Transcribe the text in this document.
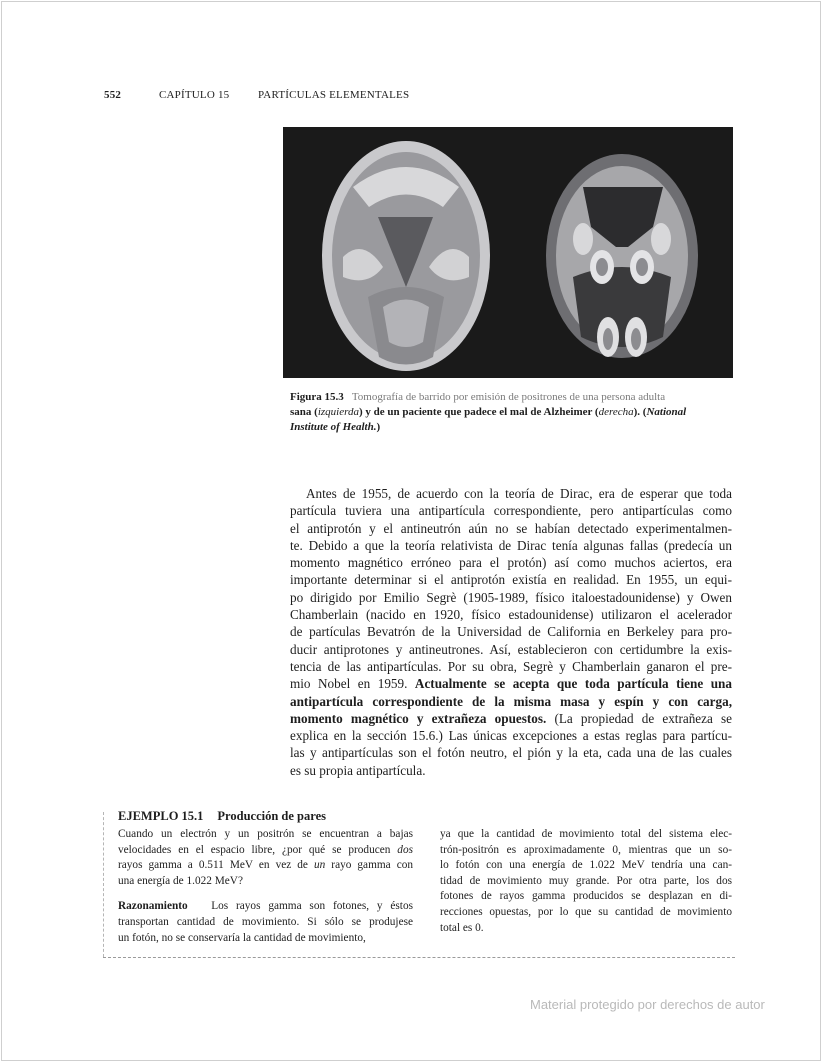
552	CAPÍTULO 15	PARTÍCULAS ELEMENTALES
Figura 15.3   Tomografía de barrido por emisión de positrones de una persona adulta
sana (izquierda) y de un paciente que padece el mal de Alzheimer (derecha). (National
Institute of Health.)
Antes de 1955, de acuerdo con la teoría de Dirac, era de esperar que toda
partícula tuviera una antipartícula correspondiente, pero antipartículas como
el antiprotón y el antineutrón aún no se habían detectado experimentalmen-
te. Debido a que la teoría relativista de Dirac tenía algunas fallas (predecía un
momento magnético erróneo para el protón) así como muchos aciertos, era
importante determinar si el antiprotón existía en realidad. En 1955, un equi-
po dirigido por Emilio Segrè (1905-1989, físico italoestadounidense) y Owen
Chamberlain (nacido en 1920, físico estadounidense) utilizaron el acelerador
de partículas Bevatrón de la Universidad de California en Berkeley para pro-
ducir antiprotones y antineutrones. Así, establecieron con certidumbre la exis-
tencia de las antipartículas. Por su obra, Segrè y Chamberlain ganaron el pre-
mio Nobel en 1959. Actualmente se acepta que toda partícula tiene una
antipartícula correspondiente de la misma masa y espín y con carga,
momento magnético y extrañeza opuestos. (La propiedad de extrañeza se
explica en la sección 15.6.) Las únicas excepciones a estas reglas para partícu-
las y antipartículas son el fotón neutro, el pión y la eta, cada una de las cuales
es su propia antipartícula.
EJEMPLO 15.1 Producción de pares
Cuando un electrón y un positrón se encuentran a bajas
velocidades en el espacio libre, ¿por qué se producen dos
rayos gamma a 0.511 MeV en vez de un rayo gamma con
una energía de 1.022 MeV?
Razonamiento   Los rayos gamma son fotones, y éstos
transportan cantidad de movimiento. Si sólo se produjese
un fotón, no se conservaría la cantidad de movimiento,
ya que la cantidad de movimiento total del sistema elec-
trón-positrón es aproximadamente 0, mientras que un so-
lo fotón con una energía de 1.022 MeV tendría una can-
tidad de movimiento muy grande. Por otra parte, los dos
fotones de rayos gamma producidos se desplazan en di-
recciones opuestas, por lo que su cantidad de movimiento
total es 0.
Material protegido por derechos de autor
